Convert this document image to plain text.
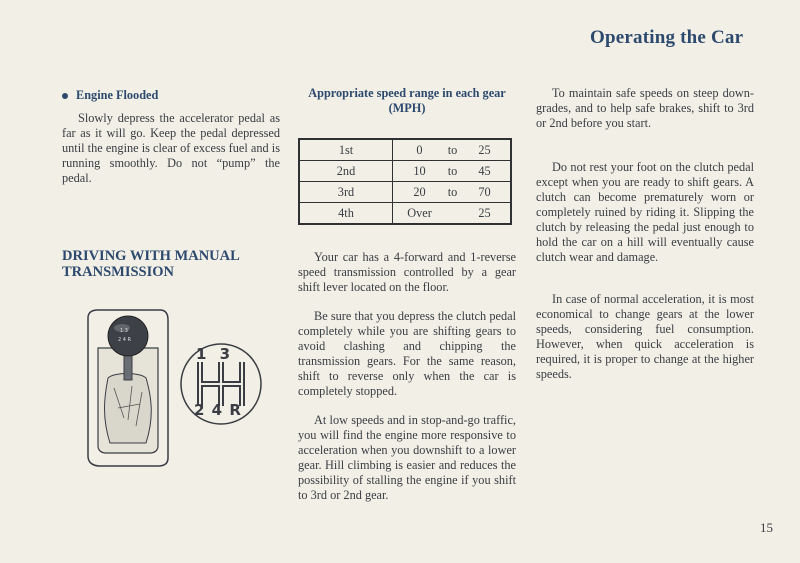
Operating the Car

Engine Flooded

Slowly depress the accelerator pedal as far as it will go. Keep the pedal depressed until the engine is clear of excess fuel and is running smoothly. Do not “pump” the pedal.

DRIVING WITH MANUAL TRANSMISSION
1 3
2 4 R
1 3
2 4 R

Appropriate speed range in each gear (MPH)

1st	0 to 25
2nd	10 to 45
3rd	20 to 70
4th	Over 25

Your car has a 4-forward and 1-reverse speed transmission controlled by a gear shift lever located on the floor.

Be sure that you depress the clutch pedal completely while you are shifting gears to avoid clashing and chipping the transmission gears. For the same reason, shift to reverse only when the car is completely stopped.

At low speeds and in stop-and-go traffic, you will find the engine more responsive to acceleration when you downshift to a lower gear. Hill climbing is easier and reduces the possibility of stalling the engine if you shift to 3rd or 2nd gear.

To maintain safe speeds on steep down-grades, and to help safe brakes, shift to 3rd or 2nd before you start.

Do not rest your foot on the clutch pedal except when you are ready to shift gears. A clutch can become prematurely worn or completely ruined by riding it. Slipping the clutch by releasing the pedal just enough to hold the car on a hill will eventually cause clutch wear and damage.

In case of normal acceleration, it is most economical to change gears at the lower speeds, considering fuel consumption. However, when quick acceleration is required, it is proper to change at the higher speeds.

15
